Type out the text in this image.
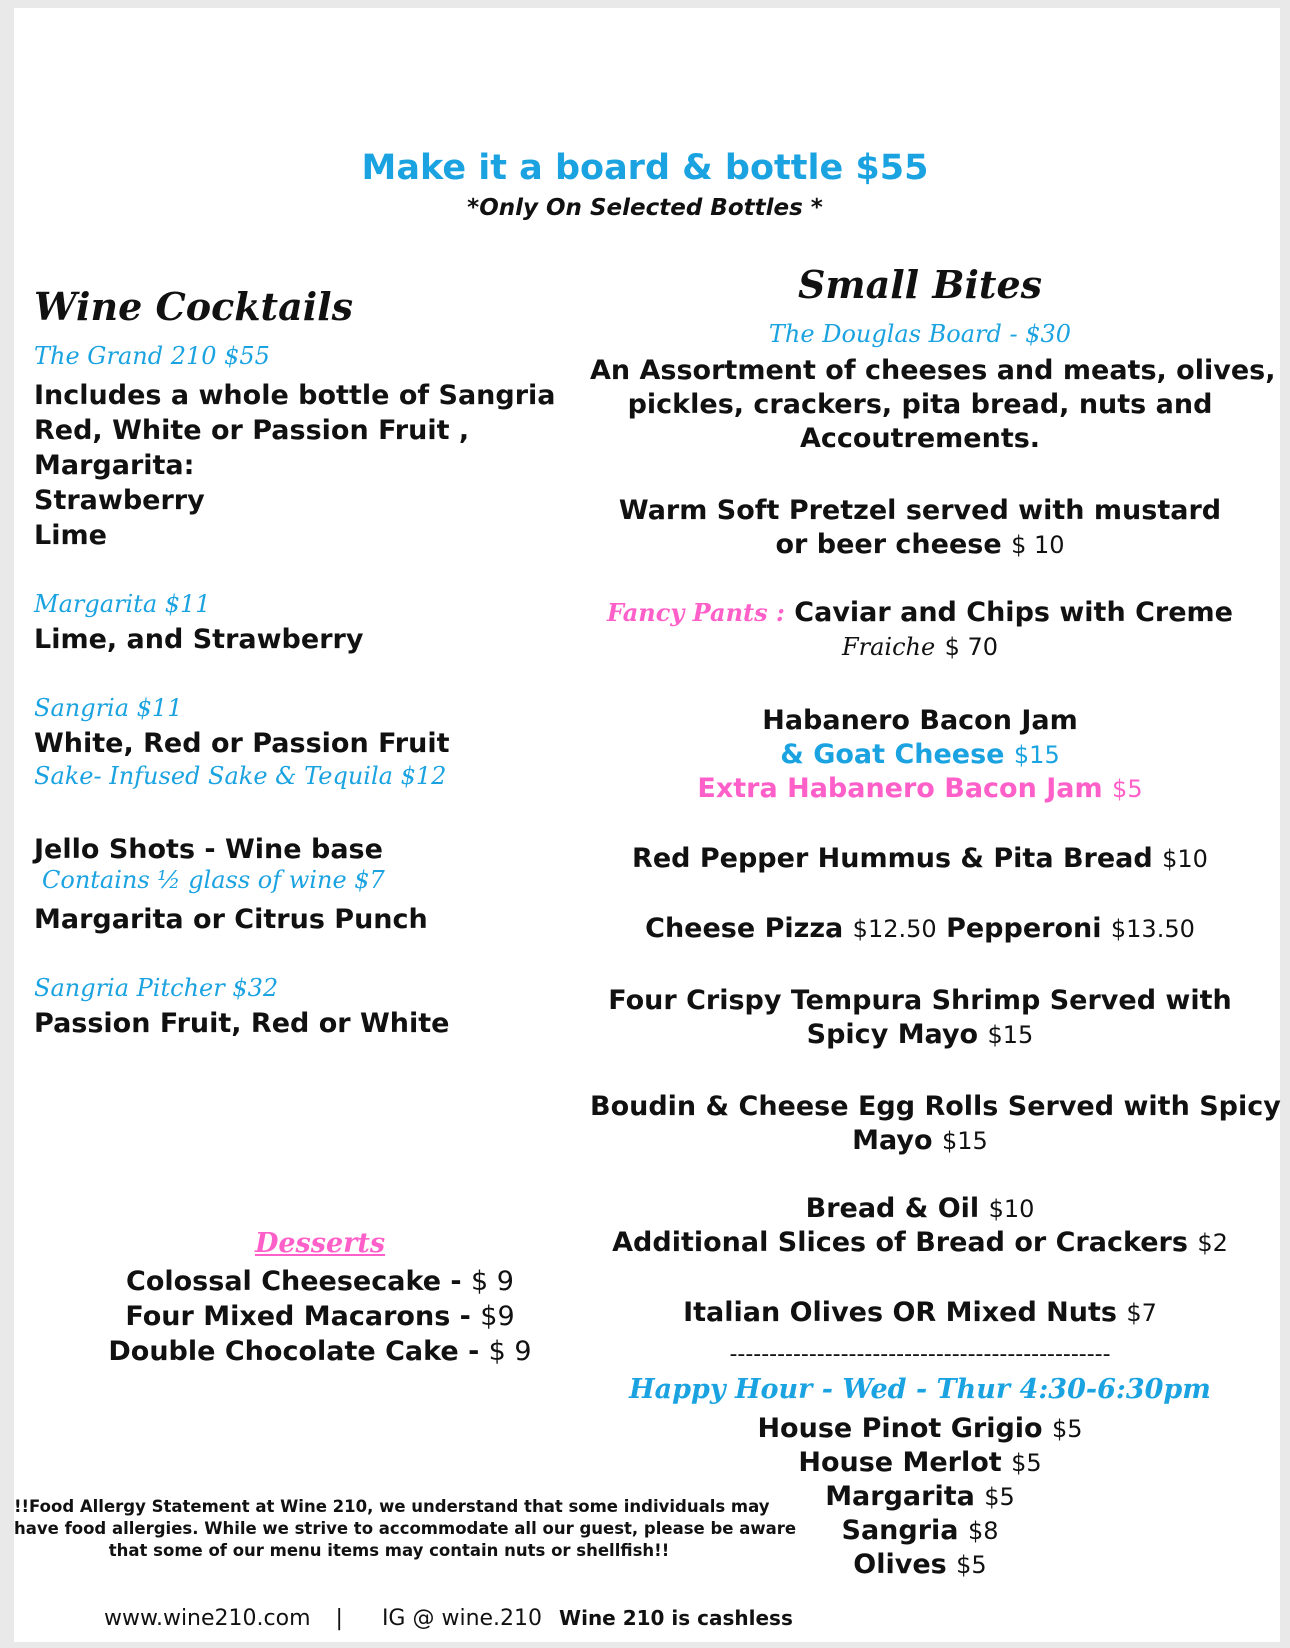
Make it a board & bottle $55
*Only On Selected Bottles *
Wine Cocktails
The Grand 210 $55
Includes a whole bottle of Sangria
Red, White or Passion Fruit ,
Margarita:
Strawberry
Lime
Margarita $11
Lime, and Strawberry
Sangria $11
White, Red or Passion Fruit
Sake- Infused Sake & Tequila $12
Jello Shots - Wine base
Contains ½ glass of wine $7
Margarita or Citrus Punch
Sangria Pitcher $32
Passion Fruit, Red or White
Desserts
Colossal Cheesecake - $ 9
Four Mixed Macarons - $9
Double Chocolate Cake - $ 9
Small Bites
The Douglas Board - $30
An Assortment of cheeses and meats, olives,
pickles, crackers, pita bread, nuts and
Accoutrements.
Warm Soft Pretzel served with mustard
or beer cheese $ 10
Fancy Pants : Caviar and Chips with Creme
Fraiche $ 70
Habanero Bacon Jam
& Goat Cheese $15
Extra Habanero Bacon Jam $5
Red Pepper Hummus & Pita Bread $10
Cheese Pizza $12.50 Pepperoni $13.50
Four Crispy Tempura Shrimp Served with
Spicy Mayo $15
Boudin & Cheese Egg Rolls Served with Spicy
Mayo $15
Bread & Oil $10
Additional Slices of Bread or Crackers $2
Italian Olives OR Mixed Nuts $7
------------------------------------------------
Happy Hour - Wed - Thur 4:30-6:30pm
House Pinot Grigio $5
House Merlot $5
Margarita $5
Sangria $8
Olives $5
!!Food Allergy Statement at Wine 210, we understand that some individuals may
have food allergies. While we strive to accommodate all our guest, please be aware
that some of our menu items may contain nuts or shellfish!!
www.wine210.com | IG @ wine.210 Wine 210 is cashless
